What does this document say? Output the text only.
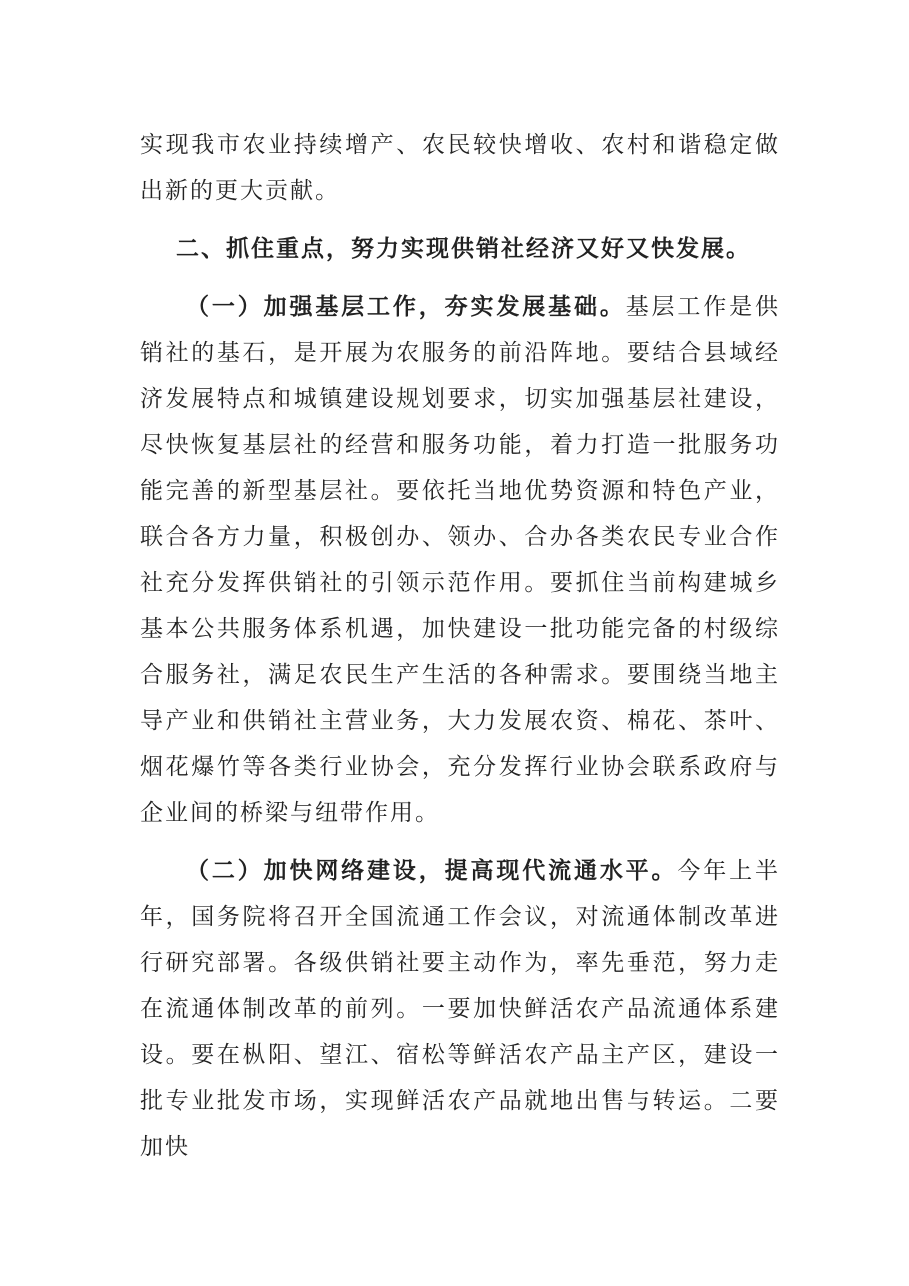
实现我市农业持续增产、农民较快增收、农村和谐稳定做出新的更大贡献。

二、抓住重点，努力实现供销社经济又好又快发展。

（一）加强基层工作，夯实发展基础。基层工作是供销社的基石，是开展为农服务的前沿阵地。要结合县域经济发展特点和城镇建设规划要求，切实加强基层社建设，尽快恢复基层社的经营和服务功能，着力打造一批服务功能完善的新型基层社。要依托当地优势资源和特色产业，联合各方力量，积极创办、领办、合办各类农民专业合作社充分发挥供销社的引领示范作用。要抓住当前构建城乡基本公共服务体系机遇，加快建设一批功能完备的村级综合服务社，满足农民生产生活的各种需求。要围绕当地主导产业和供销社主营业务，大力发展农资、棉花、茶叶、烟花爆竹等各类行业协会，充分发挥行业协会联系政府与企业间的桥梁与纽带作用。

（二）加快网络建设，提高现代流通水平。今年上半年，国务院将召开全国流通工作会议，对流通体制改革进行研究部署。各级供销社要主动作为，率先垂范，努力走在流通体制改革的前列。一要加快鲜活农产品流通体系建设。要在枞阳、望江、宿松等鲜活农产品主产区，建设一批专业批发市场，实现鲜活农产品就地出售与转运。二要加快
